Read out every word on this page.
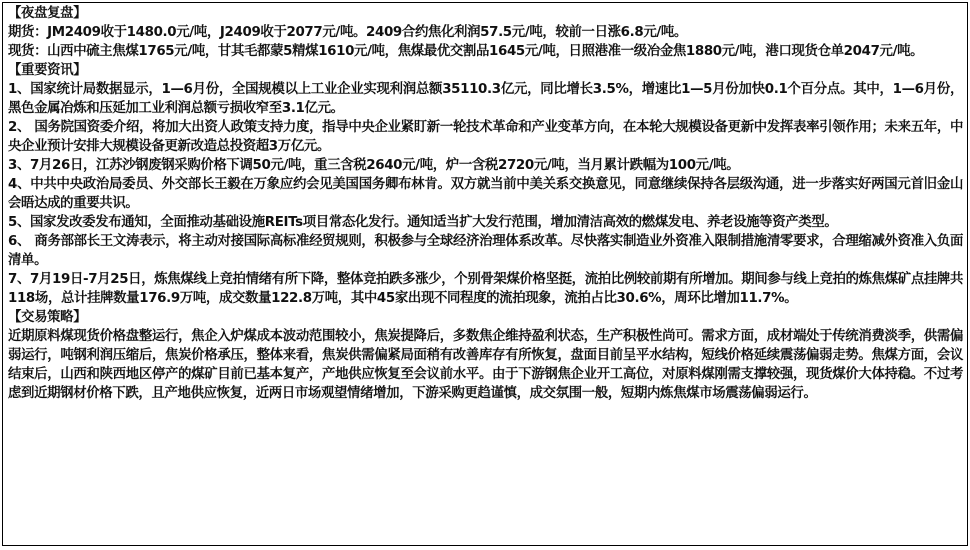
【夜盘复盘】

期货：JM2409收于1480.0元/吨，J2409收于2077元/吨。2409合约焦化利润57.5元/吨，较前一日涨6.8元/吨。

现货：山西中硫主焦煤1765元/吨，甘其毛都蒙5精煤1610元/吨，焦煤最优交割品1645元/吨，日照港准一级冶金焦1880元/吨，港口现货仓单2047元/吨。

【重要资讯】

1、国家统计局数据显示，1—6月份，全国规模以上工业企业实现利润总额35110.3亿元，同比增长3.5%，增速比1—5月份加快0.1个百分点。其中，1—6月份，黑色金属冶炼和压延加工业利润总额亏损收窄至3.1亿元。

2、 国务院国资委介绍，将加大出资人政策支持力度，指导中央企业紧盯新一轮技术革命和产业变革方向，在本轮大规模设备更新中发挥表率引领作用；未来五年，中央企业预计安排大规模设备更新改造总投资超3万亿元。

3、7月26日，江苏沙钢废钢采购价格下调50元/吨，重三含税2640元/吨，炉一含税2720元/吨，当月累计跌幅为100元/吨。

4、中共中央政治局委员、外交部长王毅在万象应约会见美国国务卿布林肯。双方就当前中美关系交换意见，同意继续保持各层级沟通，进一步落实好两国元首旧金山会晤达成的重要共识。

5、国家发改委发布通知，全面推动基础设施REITs项目常态化发行。通知适当扩大发行范围，增加清洁高效的燃煤发电、养老设施等资产类型。

6、 商务部部长王文涛表示，将主动对接国际高标准经贸规则，积极参与全球经济治理体系改革。尽快落实制造业外资准入限制措施清零要求，合理缩减外资准入负面清单。

7、7月19日-7月25日，炼焦煤线上竞拍情绪有所下降，整体竞拍跌多涨少，个别骨架煤价格坚挺，流拍比例较前期有所增加。期间参与线上竞拍的炼焦煤矿点挂牌共118场，总计挂牌数量176.9万吨，成交数量122.8万吨，其中45家出现不同程度的流拍现象，流拍占比30.6%，周环比增加11.7%。

【交易策略】

近期原料煤现货价格盘整运行，焦企入炉煤成本波动范围较小，焦炭提降后，多数焦企维持盈利状态，生产积极性尚可。需求方面，成材端处于传统消费淡季，供需偏弱运行，吨钢利润压缩后，焦炭价格承压，整体来看，焦炭供需偏紧局面稍有改善库存有所恢复，盘面目前呈平水结构，短线价格延续震荡偏弱走势。焦煤方面，会议结束后，山西和陕西地区停产的煤矿目前已基本复产，产地供应恢复至会议前水平。由于下游钢焦企业开工高位，对原料煤刚需支撑较强，现货煤价大体持稳。不过考虑到近期钢材价格下跌，且产地供应恢复，近两日市场观望情绪增加，下游采购更趋谨慎，成交氛围一般，短期内炼焦煤市场震荡偏弱运行。
